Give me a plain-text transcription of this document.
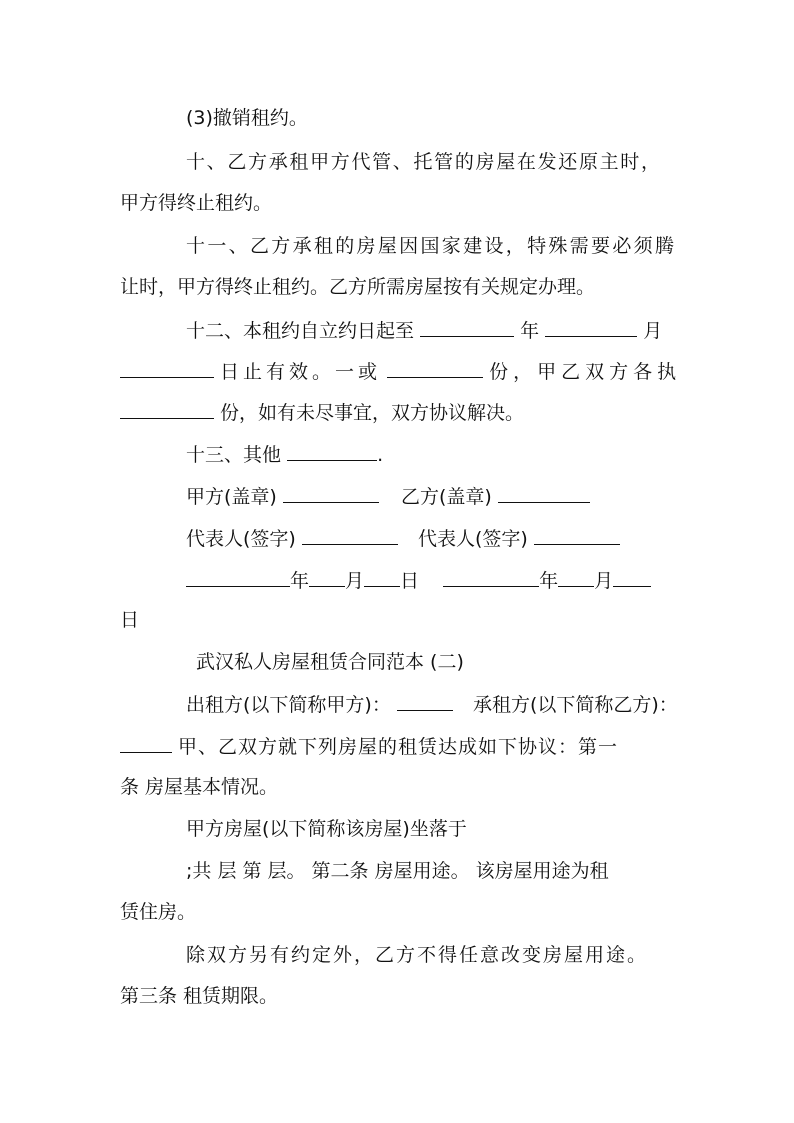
(3)撤销租约。
十、乙方承租甲方代管、托管的房屋在发还原主时，
甲方得终止租约。
十一、乙方承租的房屋因国家建设，特殊需要必须腾
让时，甲方得终止租约。乙方所需房屋按有关规定办理。
十二、本租约自立约日起至	年	月
日止有效。一或	份，甲乙双方各执
份，如有未尽事宜，双方协议解决。
十三、其他	.
甲方(盖章)	乙方(盖章)
代表人(签字)	代表人(签字)
年 月 日	年 月
日
武汉私人房屋租赁合同范本 (二)
出租方(以下简称甲方)：	承租方(以下简称乙方)：
甲、乙双方就下列房屋的租赁达成如下协议：第一
条 房屋基本情况。
甲方房屋(以下简称该房屋)坐落于
;共 层 第 层。 第二条 房屋用途。 该房屋用途为租
赁住房。
除双方另有约定外，乙方不得任意改变房屋用途。
第三条 租赁期限。
